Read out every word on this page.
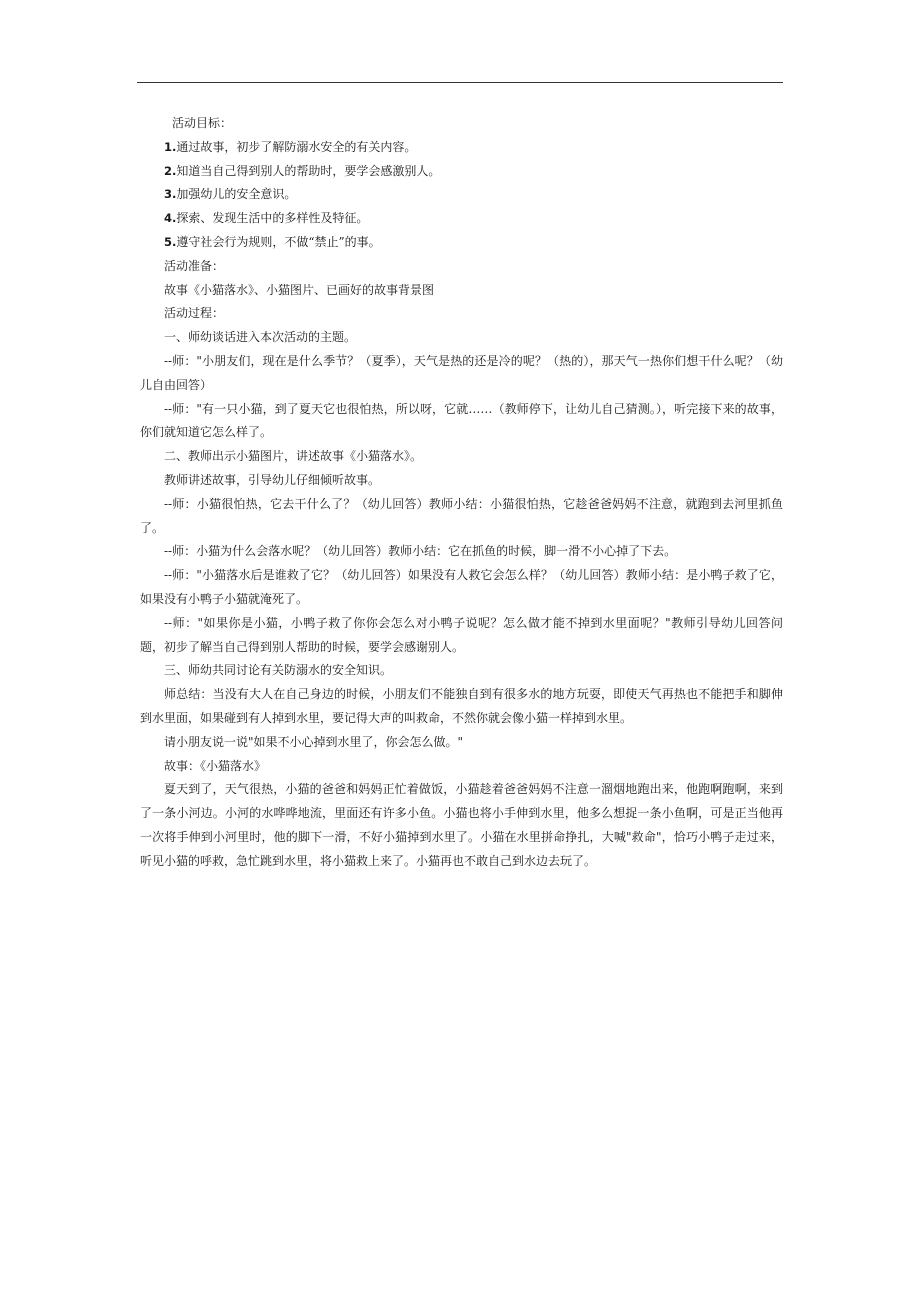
活动目标：

1.通过故事，初步了解防溺水安全的有关内容。

2.知道当自己得到别人的帮助时，要学会感激别人。

3.加强幼儿的安全意识。

4.探索、发现生活中的多样性及特征。

5.遵守社会行为规则，不做“禁止”的事。

活动准备：

故事《小猫落水》、小猫图片、已画好的故事背景图

活动过程：

一、师幼谈话进入本次活动的主题。

--师："小朋友们，现在是什么季节？（夏季），天气是热的还是冷的呢？（热的），那天气一热你们想干什么呢？（幼儿自由回答）

--师："有一只小猫，到了夏天它也很怕热，所以呀，它就……（教师停下，让幼儿自己猜测。），听完接下来的故事，你们就知道它怎么样了。

二、教师出示小猫图片，讲述故事《小猫落水》。

教师讲述故事，引导幼儿仔细倾听故事。

--师：小猫很怕热，它去干什么了？（幼儿回答）教师小结：小猫很怕热，它趁爸爸妈妈不注意，就跑到去河里抓鱼了。

--师：小猫为什么会落水呢？（幼儿回答）教师小结：它在抓鱼的时候，脚一滑不小心掉了下去。

--师："小猫落水后是谁救了它？（幼儿回答）如果没有人救它会怎么样？（幼儿回答）教师小结：是小鸭子救了它，如果没有小鸭子小猫就淹死了。

--师："如果你是小猫，小鸭子救了你你会怎么对小鸭子说呢？怎么做才能不掉到水里面呢？"教师引导幼儿回答问题，初步了解当自己得到别人帮助的时候，要学会感谢别人。

三、师幼共同讨论有关防溺水的安全知识。

师总结：当没有大人在自己身边的时候，小朋友们不能独自到有很多水的地方玩耍，即使天气再热也不能把手和脚伸到水里面，如果碰到有人掉到水里，要记得大声的叫救命，不然你就会像小猫一样掉到水里。

请小朋友说一说"如果不小心掉到水里了，你会怎么做。"

故事：《小猫落水》

夏天到了，天气很热，小猫的爸爸和妈妈正忙着做饭，小猫趁着爸爸妈妈不注意一溜烟地跑出来，他跑啊跑啊，来到了一条小河边。小河的水哗哗地流，里面还有许多小鱼。小猫也将小手伸到水里，他多么想捉一条小鱼啊，可是正当他再一次将手伸到小河里时，他的脚下一滑，不好小猫掉到水里了。小猫在水里拼命挣扎，大喊"救命"，恰巧小鸭子走过来，听见小猫的呼救，急忙跳到水里，将小猫救上来了。小猫再也不敢自己到水边去玩了。
